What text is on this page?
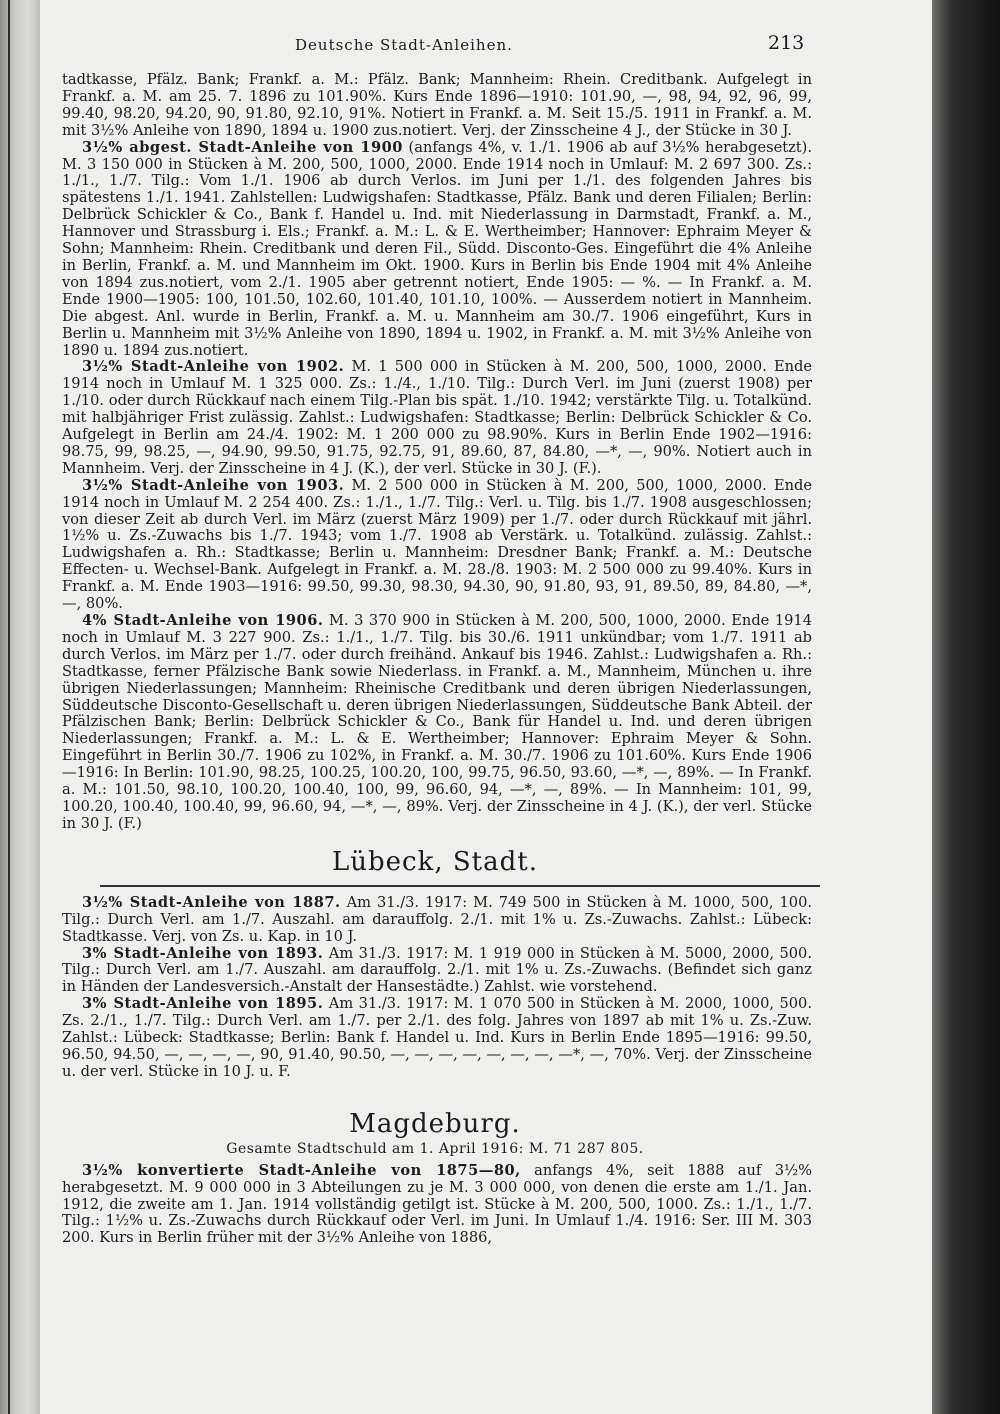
Deutsche Stadt-Anleihen.	213

tadtkasse, Pfälz. Bank; Frankf. a. M.: Pfälz. Bank; Mannheim: Rhein. Creditbank. Aufgelegt in Frankf. a. M. am 25. 7. 1896 zu 101.90%. Kurs Ende 1896—1910: 101.90, —, 98, 94, 92, 96, 99, 99.40, 98.20, 94.20, 90, 91.80, 92.10, 91%. Notiert in Frankf. a. M. Seit 15./5. 1911 in Frankf. a. M. mit 3½% Anleihe von 1890, 1894 u. 1900 zus.notiert. Verj. der Zinsscheine 4 J., der Stücke in 30 J.

3½% abgest. Stadt-Anleihe von 1900 (anfangs 4%, v. 1./1. 1906 ab auf 3½% herabgesetzt). M. 3 150 000 in Stücken à M. 200, 500, 1000, 2000. Ende 1914 noch in Umlauf: M. 2 697 300. Zs.: 1./1., 1./7. Tilg.: Vom 1./1. 1906 ab durch Verlos. im Juni per 1./1. des folgenden Jahres bis spätestens 1./1. 1941. Zahlstellen: Ludwigshafen: Stadtkasse, Pfälz. Bank und deren Filialen; Berlin: Delbrück Schickler & Co., Bank f. Handel u. Ind. mit Niederlassung in Darmstadt, Frankf. a. M., Hannover und Strassburg i. Els.; Frankf. a. M.: L. & E. Wertheimber; Hannover: Ephraim Meyer & Sohn; Mannheim: Rhein. Creditbank und deren Fil., Südd. Disconto-Ges. Eingeführt die 4% Anleihe in Berlin, Frankf. a. M. und Mannheim im Okt. 1900. Kurs in Berlin bis Ende 1904 mit 4% Anleihe von 1894 zus.notiert, vom 2./1. 1905 aber getrennt notiert, Ende 1905: — %. — In Frankf. a. M. Ende 1900—1905: 100, 101.50, 102.60, 101.40, 101.10, 100%. — Ausserdem notiert in Mannheim. Die abgest. Anl. wurde in Berlin, Frankf. a. M. u. Mannheim am 30./7. 1906 eingeführt, Kurs in Berlin u. Mannheim mit 3½% Anleihe von 1890, 1894 u. 1902, in Frankf. a. M. mit 3½% Anleihe von 1890 u. 1894 zus.notiert.

3½% Stadt-Anleihe von 1902. M. 1 500 000 in Stücken à M. 200, 500, 1000, 2000. Ende 1914 noch in Umlauf M. 1 325 000. Zs.: 1./4., 1./10. Tilg.: Durch Verl. im Juni (zuerst 1908) per 1./10. oder durch Rückkauf nach einem Tilg.-Plan bis spät. 1./10. 1942; verstärkte Tilg. u. Totalkünd. mit halbjähriger Frist zulässig. Zahlst.: Ludwigshafen: Stadtkasse; Berlin: Delbrück Schickler & Co. Aufgelegt in Berlin am 24./4. 1902: M. 1 200 000 zu 98.90%. Kurs in Berlin Ende 1902—1916: 98.75, 99, 98.25, —, 94.90, 99.50, 91.75, 92.75, 91, 89.60, 87, 84.80, —*, —, 90%. Notiert auch in Mannheim. Verj. der Zinsscheine in 4 J. (K.), der verl. Stücke in 30 J. (F.).

3½% Stadt-Anleihe von 1903. M. 2 500 000 in Stücken à M. 200, 500, 1000, 2000. Ende 1914 noch in Umlauf M. 2 254 400. Zs.: 1./1., 1./7. Tilg.: Verl. u. Tilg. bis 1./7. 1908 ausgeschlossen; von dieser Zeit ab durch Verl. im März (zuerst März 1909) per 1./7. oder durch Rückkauf mit jährl. 1½% u. Zs.-Zuwachs bis 1./7. 1943; vom 1./7. 1908 ab Verstärk. u. Totalkünd. zulässig. Zahlst.: Ludwigshafen a. Rh.: Stadtkasse; Berlin u. Mannheim: Dresdner Bank; Frankf. a. M.: Deutsche Effecten- u. Wechsel-Bank. Aufgelegt in Frankf. a. M. 28./8. 1903: M. 2 500 000 zu 99.40%. Kurs in Frankf. a. M. Ende 1903—1916: 99.50, 99.30, 98.30, 94.30, 90, 91.80, 93, 91, 89.50, 89, 84.80, —*, —, 80%.

4% Stadt-Anleihe von 1906. M. 3 370 900 in Stücken à M. 200, 500, 1000, 2000. Ende 1914 noch in Umlauf M. 3 227 900. Zs.: 1./1., 1./7. Tilg. bis 30./6. 1911 unkündbar; vom 1./7. 1911 ab durch Verlos. im März per 1./7. oder durch freihänd. Ankauf bis 1946. Zahlst.: Ludwigshafen a. Rh.: Stadtkasse, ferner Pfälzische Bank sowie Niederlass. in Frankf. a. M., Mannheim, München u. ihre übrigen Niederlassungen; Mannheim: Rheinische Creditbank und deren übrigen Niederlassungen, Süddeutsche Disconto-Gesellschaft u. deren übrigen Niederlassungen, Süddeutsche Bank Abteil. der Pfälzischen Bank; Berlin: Delbrück Schickler & Co., Bank für Handel u. Ind. und deren übrigen Niederlassungen; Frankf. a. M.: L. & E. Wertheimber; Hannover: Ephraim Meyer & Sohn. Eingeführt in Berlin 30./7. 1906 zu 102%, in Frankf. a. M. 30./7. 1906 zu 101.60%. Kurs Ende 1906—1916: In Berlin: 101.90, 98.25, 100.25, 100.20, 100, 99.75, 96.50, 93.60, —*, —, 89%. — In Frankf. a. M.: 101.50, 98.10, 100.20, 100.40, 100, 99, 96.60, 94, —*, —, 89%. — In Mannheim: 101, 99, 100.20, 100.40, 100.40, 99, 96.60, 94, —*, —, 89%. Verj. der Zinsscheine in 4 J. (K.), der verl. Stücke in 30 J. (F.)

Lübeck, Stadt.

3½% Stadt-Anleihe von 1887. Am 31./3. 1917: M. 749 500 in Stücken à M. 1000, 500, 100. Tilg.: Durch Verl. am 1./7. Auszahl. am darauffolg. 2./1. mit 1% u. Zs.-Zuwachs. Zahlst.: Lübeck: Stadtkasse. Verj. von Zs. u. Kap. in 10 J.

3% Stadt-Anleihe von 1893. Am 31./3. 1917: M. 1 919 000 in Stücken à M. 5000, 2000, 500. Tilg.: Durch Verl. am 1./7. Auszahl. am darauffolg. 2./1. mit 1% u. Zs.-Zuwachs. (Befindet sich ganz in Händen der Landesversich.-Anstalt der Hansestädte.) Zahlst. wie vorstehend.

3% Stadt-Anleihe von 1895. Am 31./3. 1917: M. 1 070 500 in Stücken à M. 2000, 1000, 500. Zs. 2./1., 1./7. Tilg.: Durch Verl. am 1./7. per 2./1. des folg. Jahres von 1897 ab mit 1% u. Zs.-Zuw. Zahlst.: Lübeck: Stadtkasse; Berlin: Bank f. Handel u. Ind. Kurs in Berlin Ende 1895—1916: 99.50, 96.50, 94.50, —, —, —, —, 90, 91.40, 90.50, —, —, —, —, —, —, —, —*, —, 70%. Verj. der Zinsscheine u. der verl. Stücke in 10 J. u. F.

Magdeburg.
Gesamte Stadtschuld am 1. April 1916: M. 71 287 805.

3½% konvertierte Stadt-Anleihe von 1875—80, anfangs 4%, seit 1888 auf 3½% herabgesetzt. M. 9 000 000 in 3 Abteilungen zu je M. 3 000 000, von denen die erste am 1./1. Jan. 1912, die zweite am 1. Jan. 1914 vollständig getilgt ist. Stücke à M. 200, 500, 1000. Zs.: 1./1., 1./7. Tilg.: 1½% u. Zs.-Zuwachs durch Rückkauf oder Verl. im Juni. In Umlauf 1./4. 1916: Ser. III M. 303 200. Kurs in Berlin früher mit der 3½% Anleihe von 1886,
